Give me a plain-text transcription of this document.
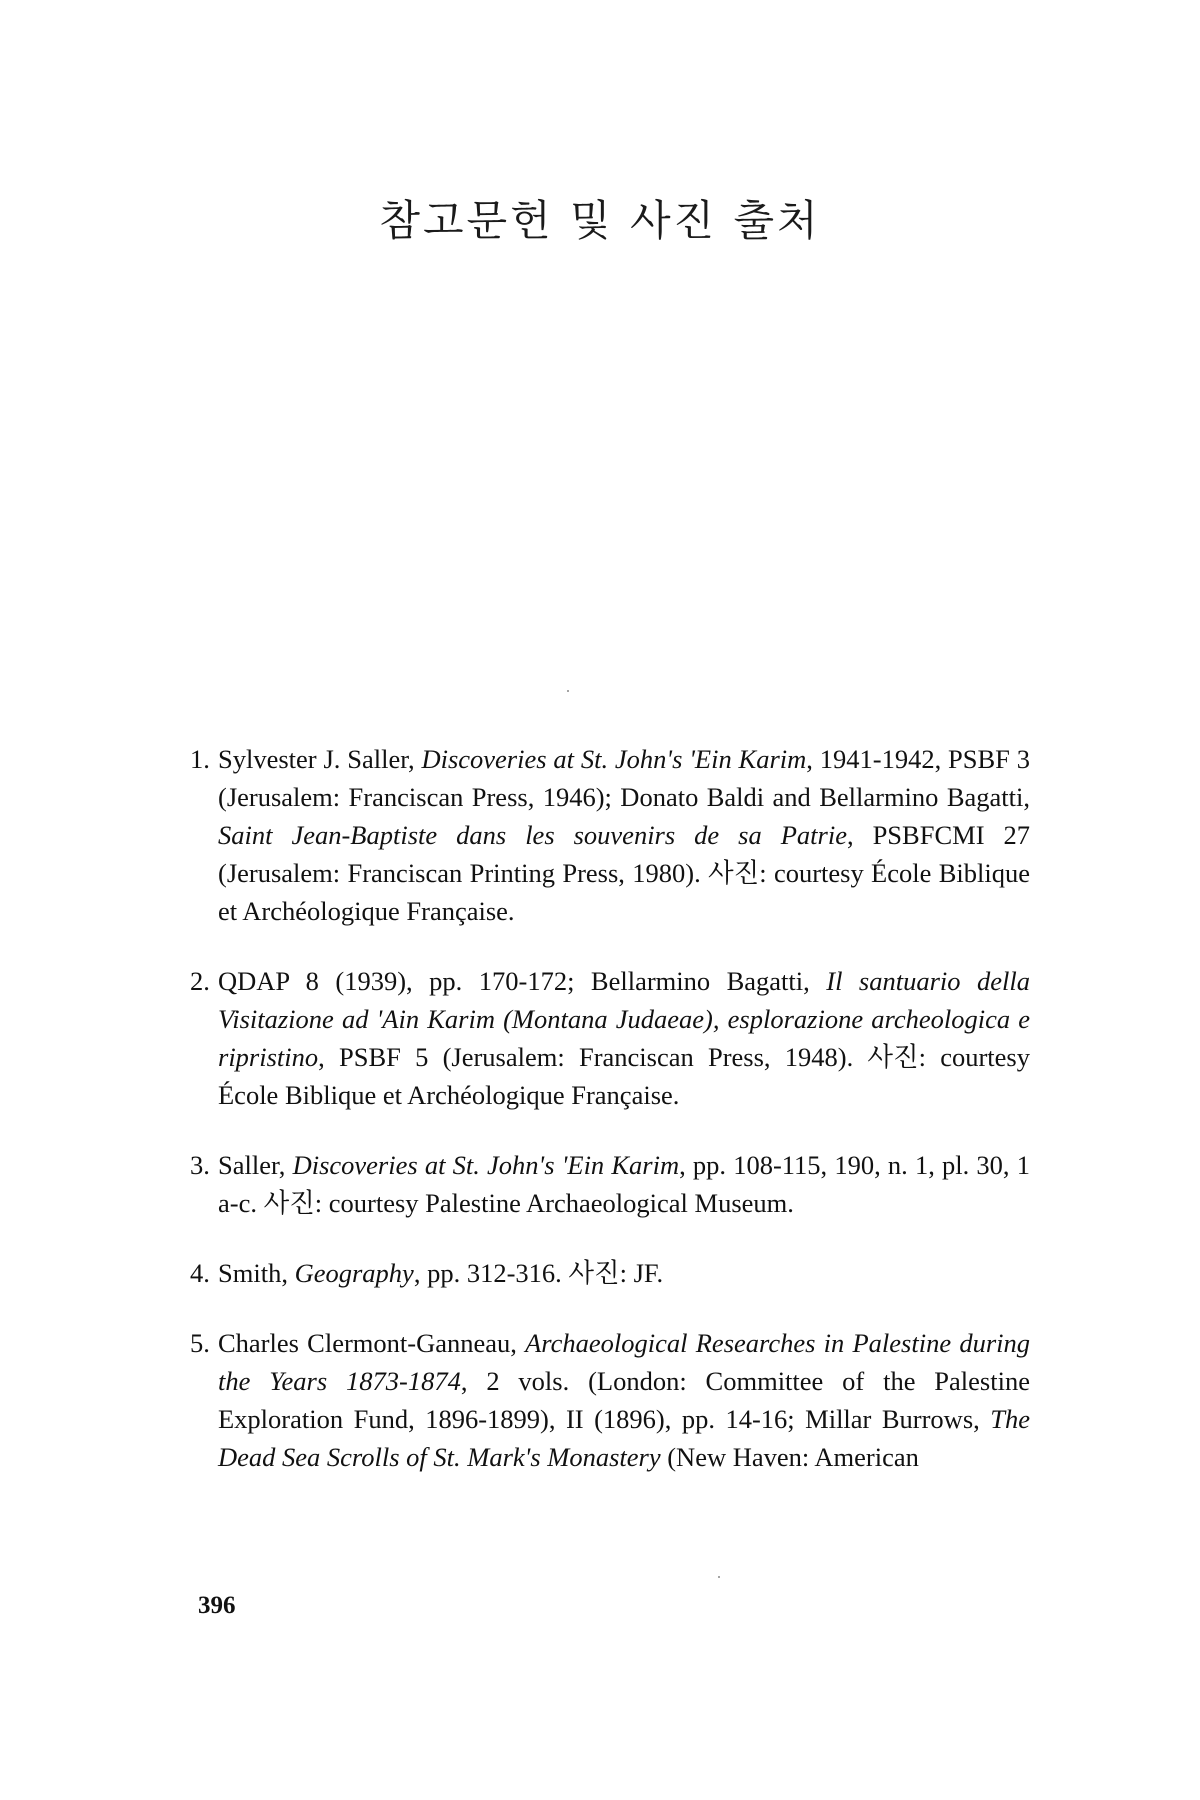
참고문헌 및 사진 출처
1. Sylvester J. Saller, Discoveries at St. John's 'Ein Karim, 1941-1942, PSBF 3 (Jerusalem: Franciscan Press, 1946); Donato Baldi and Bellarmino Bagatti, Saint Jean-Baptiste dans les souvenirs de sa Patrie, PSBFCMI 27 (Jerusalem: Franciscan Printing Press, 1980). 사진: courtesy École Biblique et Archéologique Française.
2. QDAP 8 (1939), pp. 170-172; Bellarmino Bagatti, Il santuario della Visitazione ad 'Ain Karim (Montana Judaeae), esplorazione archeologica e ripristino, PSBF 5 (Jerusalem: Franciscan Press, 1948). 사진: courtesy École Biblique et Archéologique Française.
3. Saller, Discoveries at St. John's 'Ein Karim, pp. 108-115, 190, n. 1, pl. 30, 1 a-c. 사진: courtesy Palestine Archaeological Museum.
4. Smith, Geography, pp. 312-316. 사진: JF.
5. Charles Clermont-Ganneau, Archaeological Researches in Palestine during the Years 1873-1874, 2 vols. (London: Committee of the Palestine Exploration Fund, 1896-1899), II (1896), pp. 14-16; Millar Burrows, The Dead Sea Scrolls of St. Mark's Monastery (New Haven: American
396
